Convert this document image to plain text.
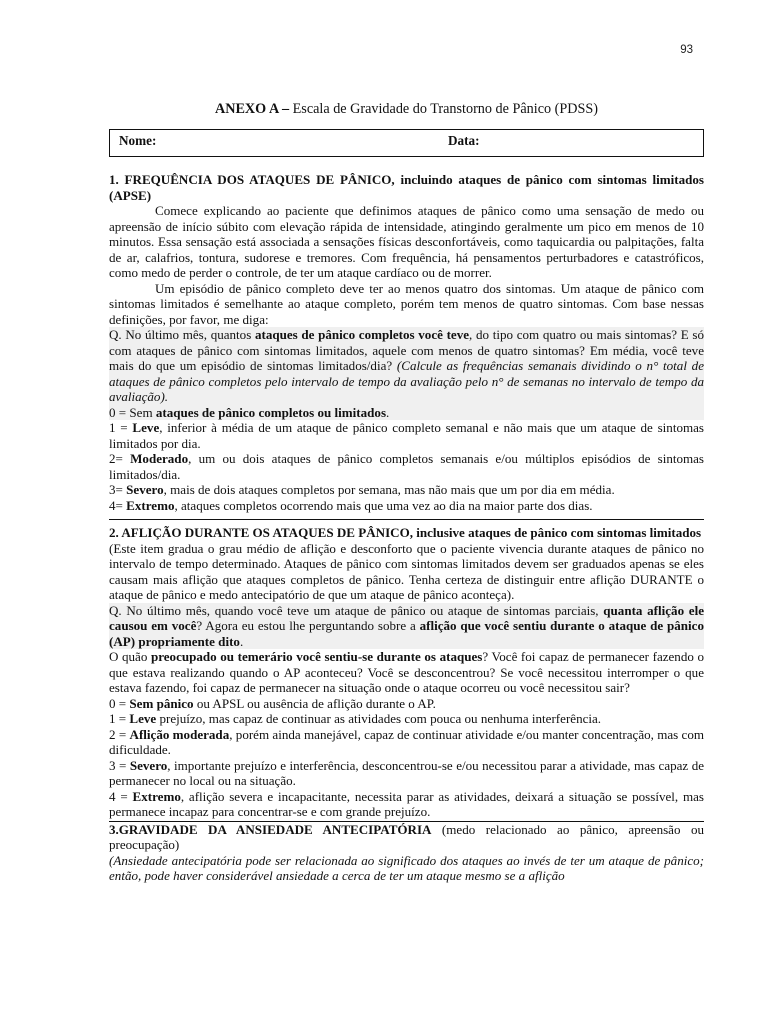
93
ANEXO A – Escala de Gravidade do Transtorno de Pânico (PDSS)
Nome:	Data:

1. FREQUÊNCIA DOS ATAQUES DE PÂNICO, incluindo ataques de pânico com sintomas limitados (APSE)

Comece explicando ao paciente que definimos ataques de pânico como uma sensação de medo ou apreensão de início súbito com elevação rápida de intensidade, atingindo geralmente um pico em menos de 10 minutos. Essa sensação está associada a sensações físicas desconfortáveis, como taquicardia ou palpitações, falta de ar, calafrios, tontura, sudorese e tremores. Com frequência, há pensamentos perturbadores e catastróficos, como medo de perder o controle, de ter um ataque cardíaco ou de morrer.

Um episódio de pânico completo deve ter ao menos quatro dos sintomas. Um ataque de pânico com sintomas limitados é semelhante ao ataque completo, porém tem menos de quatro sintomas. Com base nessas definições, por favor, me diga:

Q. No último mês, quantos ataques de pânico completos você teve, do tipo com quatro ou mais sintomas? E só com ataques de pânico com sintomas limitados, aquele com menos de quatro sintomas? Em média, você teve mais do que um episódio de sintomas limitados/dia? (Calcule as frequências semanais dividindo o n° total de ataques de pânico completos pelo intervalo de tempo da avaliação pelo n° de semanas no intervalo de tempo da avaliação).

0 = Sem ataques de pânico completos ou limitados.

1 = Leve, inferior à média de um ataque de pânico completo semanal e não mais que um ataque de sintomas limitados por dia.

2= Moderado, um ou dois ataques de pânico completos semanais e/ou múltiplos episódios de sintomas limitados/dia.

3= Severo, mais de dois ataques completos por semana, mas não mais que um por dia em média.

4= Extremo, ataques completos ocorrendo mais que uma vez ao dia na maior parte dos dias.

2. AFLIÇÃO DURANTE OS ATAQUES DE PÂNICO, inclusive ataques de pânico com sintomas limitados

(Este item gradua o grau médio de aflição e desconforto que o paciente vivencia durante ataques de pânico no intervalo de tempo determinado. Ataques de pânico com sintomas limitados devem ser graduados apenas se eles causam mais aflição que ataques completos de pânico. Tenha certeza de distinguir entre aflição DURANTE o ataque de pânico e medo antecipatório de que um ataque de pânico aconteça).

Q. No último mês, quando você teve um ataque de pânico ou ataque de sintomas parciais, quanta aflição ele causou em você? Agora eu estou lhe perguntando sobre a aflição que você sentiu durante o ataque de pânico (AP) propriamente dito.

O quão preocupado ou temerário você sentiu-se durante os ataques? Você foi capaz de permanecer fazendo o que estava realizando quando o AP aconteceu? Você se desconcentrou? Se você necessitou interromper o que estava fazendo, foi capaz de permanecer na situação onde o ataque ocorreu ou você necessitou sair?

0 = Sem pânico ou APSL ou ausência de aflição durante o AP.

1 = Leve prejuízo, mas capaz de continuar as atividades com pouca ou nenhuma interferência.

2 = Aflição moderada, porém ainda manejável, capaz de continuar atividade e/ou manter concentração, mas com dificuldade.

3 = Severo, importante prejuízo e interferência, desconcentrou-se e/ou necessitou parar a atividade, mas capaz de permanecer no local ou na situação.

4 = Extremo, aflição severa e incapacitante, necessita parar as atividades, deixará a situação se possível, mas permanece incapaz para concentrar-se e com grande prejuízo.

3.GRAVIDADE DA ANSIEDADE ANTECIPATÓRIA (medo relacionado ao pânico, apreensão ou preocupação)

(Ansiedade antecipatória pode ser relacionada ao significado dos ataques ao invés de ter um ataque de pânico; então, pode haver considerável ansiedade a cerca de ter um ataque mesmo se a aflição
